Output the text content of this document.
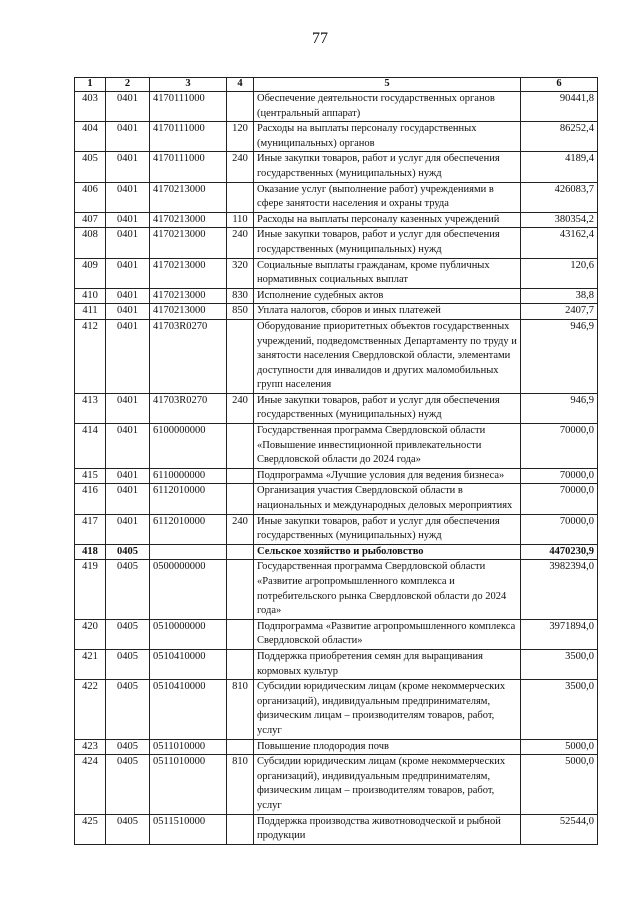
77
1	2	3	4	5	6
403	0401	4170111000		Обеспечение деятельности государственных органов (центральный аппарат)	90441,8
404	0401	4170111000	120	Расходы на выплаты персоналу государственных (муниципальных) органов	86252,4
405	0401	4170111000	240	Иные закупки товаров, работ и услуг для обеспечения государственных (муниципальных) нужд	4189,4
406	0401	4170213000		Оказание услуг (выполнение работ) учреждениями в сфере занятости населения и охраны труда	426083,7
407	0401	4170213000	110	Расходы на выплаты персоналу казенных учреждений	380354,2
408	0401	4170213000	240	Иные закупки товаров, работ и услуг для обеспечения государственных (муниципальных) нужд	43162,4
409	0401	4170213000	320	Социальные выплаты гражданам, кроме публичных нормативных социальных выплат	120,6
410	0401	4170213000	830	Исполнение судебных актов	38,8
411	0401	4170213000	850	Уплата налогов, сборов и иных платежей	2407,7
412	0401	41703R0270		Оборудование приоритетных объектов государственных учреждений, подведомственных Департаменту по труду и занятости населения Свердловской области, элементами доступности для инвалидов и других маломобильных групп населения	946,9
413	0401	41703R0270	240	Иные закупки товаров, работ и услуг для обеспечения государственных (муниципальных) нужд	946,9
414	0401	6100000000		Государственная программа Свердловской области «Повышение инвестиционной привлекательности Свердловской области до 2024 года»	70000,0
415	0401	6110000000		Подпрограмма «Лучшие условия для ведения бизнеса»	70000,0
416	0401	6112010000		Организация участия Свердловской области в национальных и международных деловых мероприятиях	70000,0
417	0401	6112010000	240	Иные закупки товаров, работ и услуг для обеспечения государственных (муниципальных) нужд	70000,0
418	0405			Сельское хозяйство и рыболовство	4470230,9
419	0405	0500000000		Государственная программа Свердловской области «Развитие агропромышленного комплекса и потребительского рынка Свердловской области до 2024 года»	3982394,0
420	0405	0510000000		Подпрограмма «Развитие агропромышленного комплекса Свердловской области»	3971894,0
421	0405	0510410000		Поддержка приобретения семян для выращивания кормовых культур	3500,0
422	0405	0510410000	810	Субсидии юридическим лицам (кроме некоммерческих организаций), индивидуальным предпринимателям, физическим лицам – производителям товаров, работ, услуг	3500,0
423	0405	0511010000		Повышение плодородия почв	5000,0
424	0405	0511010000	810	Субсидии юридическим лицам (кроме некоммерческих организаций), индивидуальным предпринимателям, физическим лицам – производителям товаров, работ, услуг	5000,0
425	0405	0511510000		Поддержка производства животноводческой и рыбной продукции	52544,0
